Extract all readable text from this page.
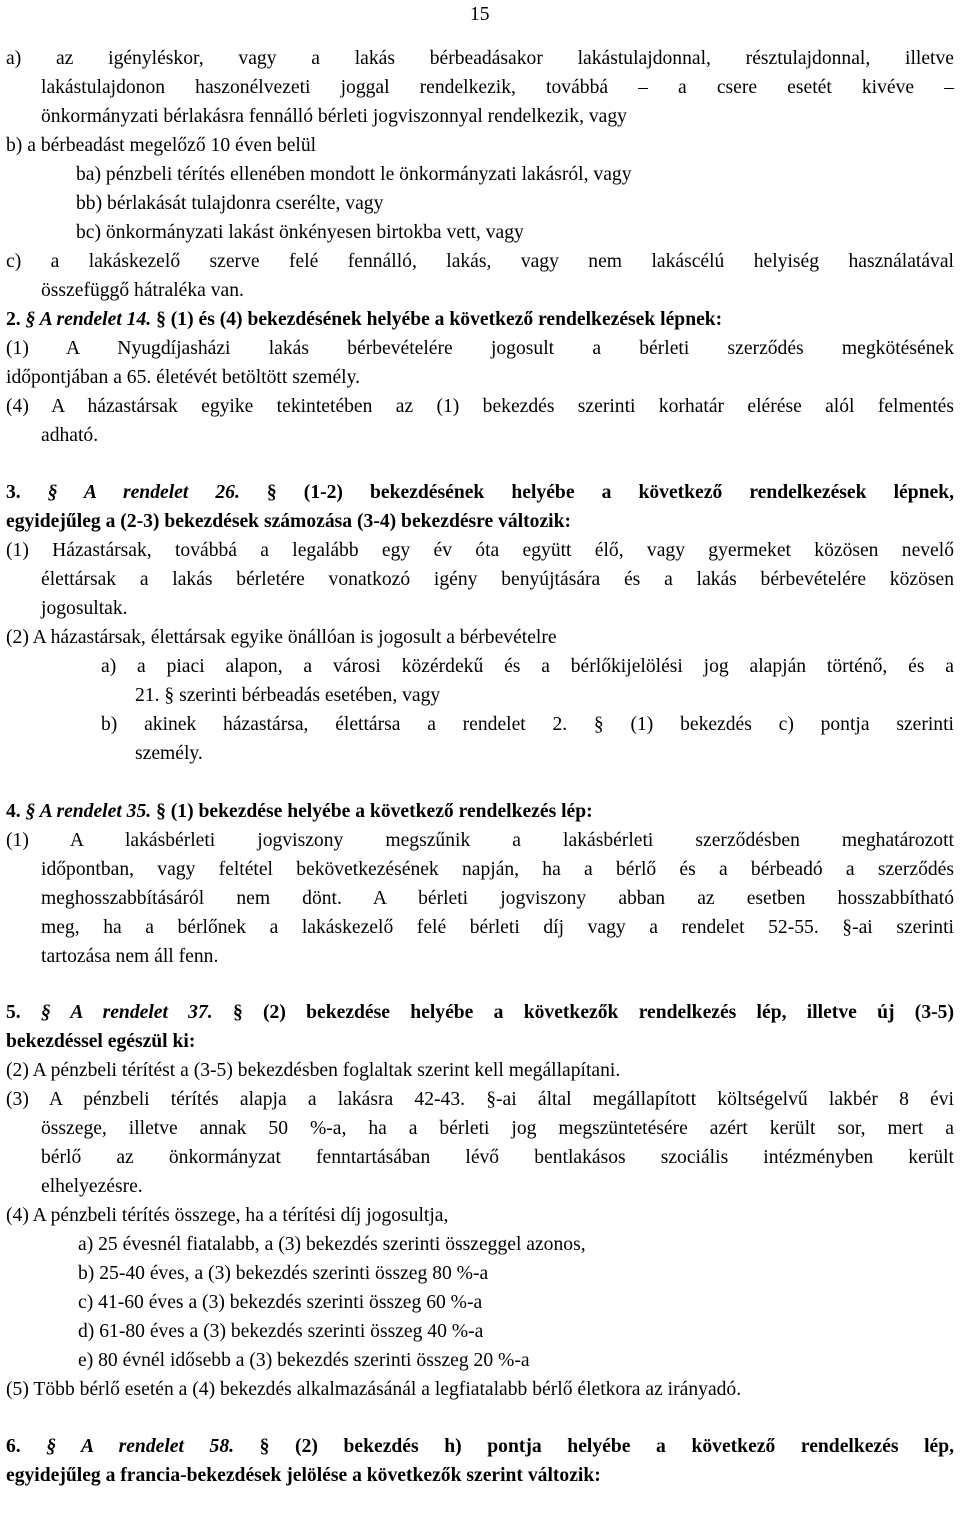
15
a) az igényléskor, vagy a lakás bérbeadásakor lakástulajdonnal, résztulajdonnal, illetve
lakástulajdonon haszonélvezeti joggal rendelkezik, továbbá – a csere esetét kivéve –
önkormányzati bérlakásra fennálló bérleti jogviszonnyal rendelkezik, vagy
b) a bérbeadást megelőző 10 éven belül
ba) pénzbeli térítés ellenében mondott le önkormányzati lakásról, vagy
bb) bérlakását tulajdonra cserélte, vagy
bc) önkormányzati lakást önkényesen birtokba vett, vagy
c) a lakáskezelő szerve felé fennálló, lakás, vagy nem lakáscélú helyiség használatával
összefüggő hátraléka van.
2. § A rendelet 14. § (1) és (4) bekezdésének helyébe a következő rendelkezések lépnek:
(1) A Nyugdíjasházi lakás bérbevételére jogosult a bérleti szerződés megkötésének
időpontjában a 65. életévét betöltött személy.
(4) A házastársak egyike tekintetében az (1) bekezdés szerinti korhatár elérése alól felmentés
adható.
3. § A rendelet 26. § (1-2) bekezdésének helyébe a következő rendelkezések lépnek,
egyidejűleg a (2-3) bekezdések számozása (3-4) bekezdésre változik:
(1) Házastársak, továbbá a legalább egy év óta együtt élő, vagy gyermeket közösen nevelő
élettársak a lakás bérletére vonatkozó igény benyújtására és a lakás bérbevételére közösen
jogosultak.
(2) A házastársak, élettársak egyike önállóan is jogosult a bérbevételre
a) a piaci alapon, a városi közérdekű és a bérlőkijelölési jog alapján történő, és a
21. § szerinti bérbeadás esetében, vagy
b) akinek házastársa, élettársa a rendelet 2. § (1) bekezdés c) pontja szerinti
személy.
4. § A rendelet 35. § (1) bekezdése helyébe a következő rendelkezés lép:
(1) A lakásbérleti jogviszony megszűnik a lakásbérleti szerződésben meghatározott
időpontban, vagy feltétel bekövetkezésének napján, ha a bérlő és a bérbeadó a szerződés
meghosszabbításáról nem dönt. A bérleti jogviszony abban az esetben hosszabbítható
meg, ha a bérlőnek a lakáskezelő felé bérleti díj vagy a rendelet 52-55. §-ai szerinti
tartozása nem áll fenn.
5. § A rendelet 37. § (2) bekezdése helyébe a következők rendelkezés lép, illetve új (3-5)
bekezdéssel egészül ki:
(2) A pénzbeli térítést a (3-5) bekezdésben foglaltak szerint kell megállapítani.
(3) A pénzbeli térítés alapja a lakásra 42-43. §-ai által megállapított költségelvű lakbér 8 évi
összege, illetve annak 50 %-a, ha a bérleti jog megszüntetésére azért került sor, mert a
bérlő az önkormányzat fenntartásában lévő bentlakásos szociális intézményben került
elhelyezésre.
(4) A pénzbeli térítés összege, ha a térítési díj jogosultja,
a) 25 évesnél fiatalabb, a (3) bekezdés szerinti összeggel azonos,
b) 25-40 éves, a (3) bekezdés szerinti összeg 80 %-a
c) 41-60 éves a (3) bekezdés szerinti összeg 60 %-a
d) 61-80 éves a (3) bekezdés szerinti összeg 40 %-a
e) 80 évnél idősebb a (3) bekezdés szerinti összeg 20 %-a
(5) Több bérlő esetén a (4) bekezdés alkalmazásánál a legfiatalabb bérlő életkora az irányadó.
6. § A rendelet 58. § (2) bekezdés h) pontja helyébe a következő rendelkezés lép,
egyidejűleg a francia-bekezdések jelölése a következők szerint változik:
